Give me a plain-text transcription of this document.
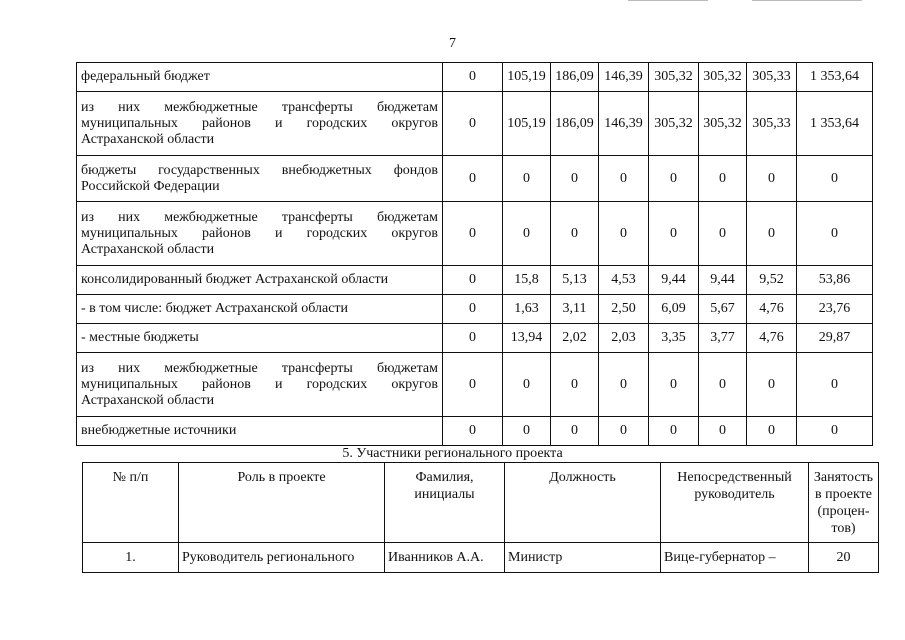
7
федеральный бюджет	0	105,19	186,09	146,39	305,32	305,32	305,33	1 353,64
из них межбюджетные трансферты бюджетам муниципальных районов и городских округов Астраханской области	0	105,19	186,09	146,39	305,32	305,32	305,33	1 353,64
бюджеты государственных внебюджетных фондов Российской Федерации	0	0	0	0	0	0	0	0
из них межбюджетные трансферты бюджетам муниципальных районов и городских округов Астраханской области	0	0	0	0	0	0	0	0
консолидированный бюджет Астраханской области	0	15,8	5,13	4,53	9,44	9,44	9,52	53,86
- в том числе: бюджет Астраханской области	0	1,63	3,11	2,50	6,09	5,67	4,76	23,76
- местные бюджеты	0	13,94	2,02	2,03	3,35	3,77	4,76	29,87
из них межбюджетные трансферты бюджетам муниципальных районов и городских округов Астраханской области	0	0	0	0	0	0	0	0
внебюджетные источники	0	0	0	0	0	0	0	0
5. Участники регионального проекта
№ п/п	Роль в проекте	Фамилия, инициалы	Должность	Непосредственный руководитель	Занятость в проекте (процен-тов)
1.	Руководитель регионального	Иванников А.А.	Министр	Вице-губернатор –	20
